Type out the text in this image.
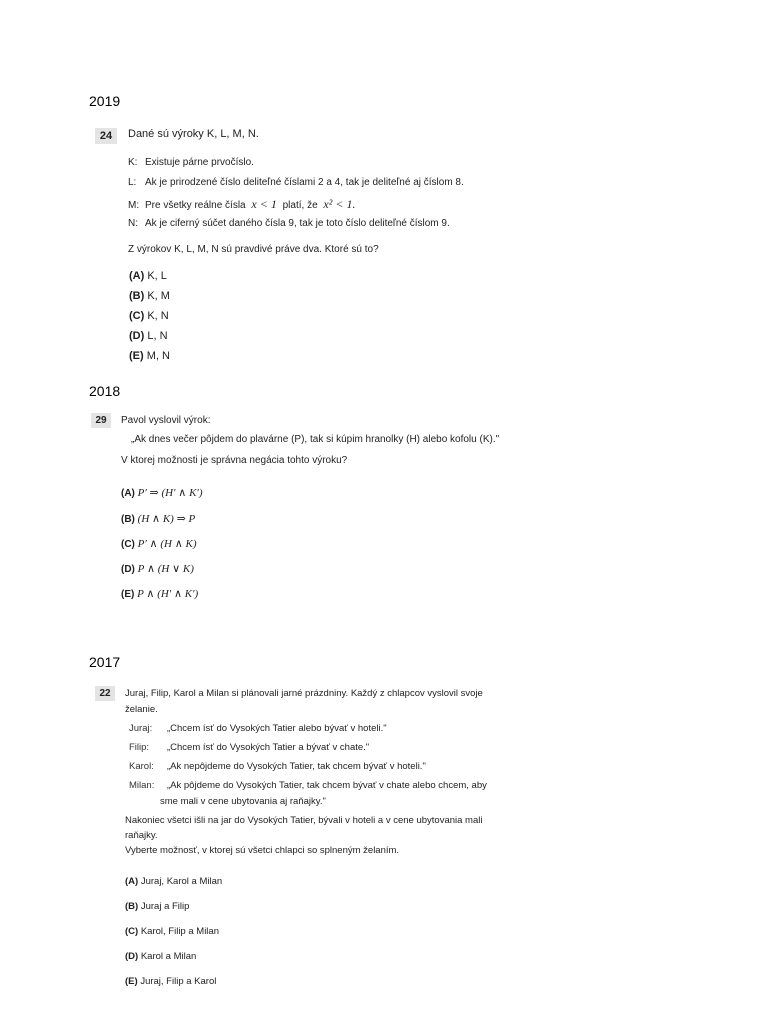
2019
24	Dané sú výroky K, L, M, N.
K: Existuje párne prvočíslo.
L: Ak je prirodzené číslo deliteľné číslami 2 a 4, tak je deliteľné aj číslom 8.
M: Pre všetky reálne čísla x < 1 platí, že x² < 1.
N: Ak je ciferný súčet daného čísla 9, tak je toto číslo deliteľné číslom 9.
Z výrokov K, L, M, N sú pravdivé práve dva. Ktoré sú to?
(A) K, L
(B) K, M
(C) K, N
(D) L, N
(E) M, N
2018
29	Pavol vyslovil výrok:
„Ak dnes večer pôjdem do plavárne (P), tak si kúpim hranolky (H) alebo kofolu (K)."
V ktorej možnosti je správna negácia tohto výroku?
(A) P′ ⇒ (H′ ∧ K′)
(B) (H ∧ K) ⇒ P
(C) P′ ∧ (H ∧ K)
(D) P ∧ (H ∨ K)
(E) P ∧ (H′ ∧ K′)
2017
22	Juraj, Filip, Karol a Milan si plánovali jarné prázdniny. Každý z chlapcov vyslovil svoje
želanie.
Juraj: „Chcem ísť do Vysokých Tatier alebo bývať v hoteli."
Filip: „Chcem ísť do Vysokých Tatier a bývať v chate."
Karol: „Ak nepôjdeme do Vysokých Tatier, tak chcem bývať v hoteli."
Milan: „Ak pôjdeme do Vysokých Tatier, tak chcem bývať v chate alebo chcem, aby
sme mali v cene ubytovania aj raňajky."
Nakoniec všetci išli na jar do Vysokých Tatier, bývali v hoteli a v cene ubytovania mali
raňajky.
Vyberte možnosť, v ktorej sú všetci chlapci so splneným želaním.
(A) Juraj, Karol a Milan
(B) Juraj a Filip
(C) Karol, Filip a Milan
(D) Karol a Milan
(E) Juraj, Filip a Karol
